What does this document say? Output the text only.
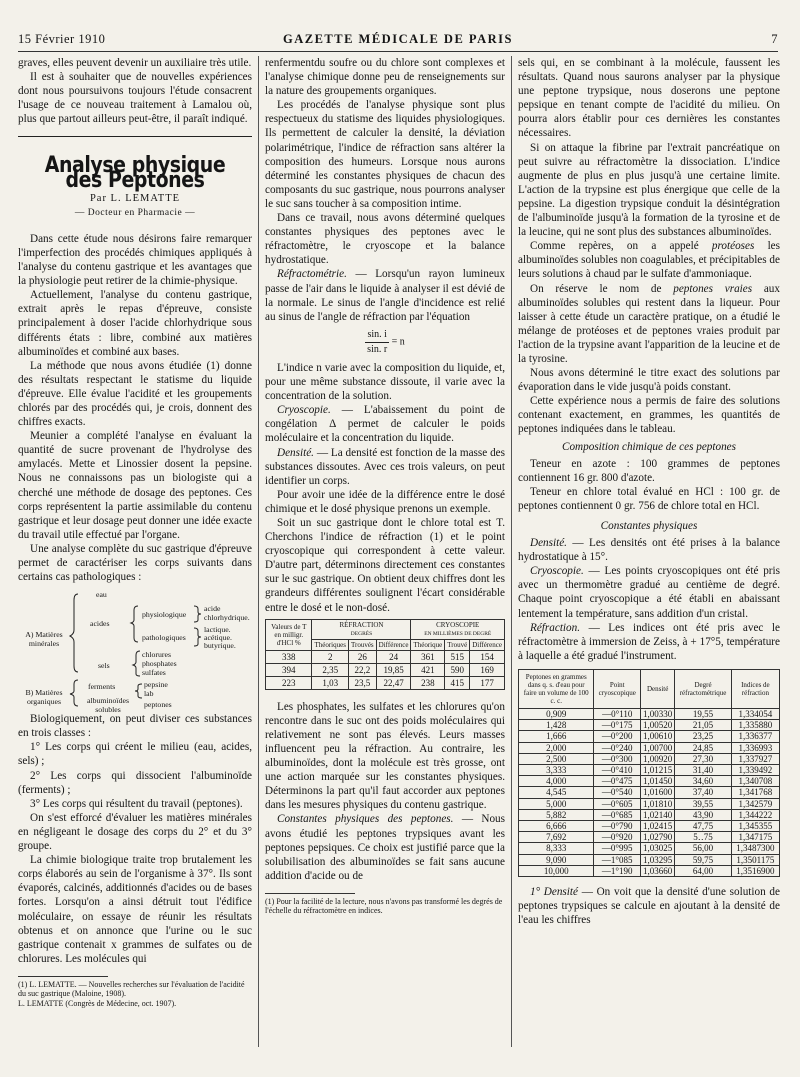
15 Février 1910	GAZETTE MÉDICALE DE PARIS	7

graves, elles peuvent devenir un auxiliaire très utile.

Il est à souhaiter que de nouvelles expériences dont nous poursuivons toujours l'étude consacrent l'usage de ce nouveau traitement à Lamalou où, plus que partout ailleurs peut-être, il paraît indiqué.

Analyse physique des Peptones
Par L. LEMATTE
— Docteur en Pharmacie —

Dans cette étude nous désirons faire remarquer l'imperfection des procédés chimiques appliqués à l'analyse du contenu gastrique et les avantages que la physiologie peut retirer de la chimie-physique.

Actuellement, l'analyse du contenu gastrique, extrait après le repas d'épreuve, consiste principalement à doser l'acide chlorhydrique sous différents états : libre, combiné aux matières albuminoïdes et combiné aux bases.

La méthode que nous avons étudiée (1) donne des résultats respectant le statisme du liquide d'épreuve. Elle évalue l'acidité et les groupements chlorés par des procédés qui, je crois, donnent des chiffres exacts.

Meunier a complété l'analyse en évaluant la quantité de sucre provenant de l'hydrolyse des amylacés. Mette et Linossier dosent la pepsine. Nous ne connaissons pas un biologiste qui a cherché une méthode de dosage des peptones. Ces corps représentent la partie assimilable du contenu gastrique et leur dosage peut donner une idée exacte du travail utile effectué par l'organe.

Une analyse complète du suc gastrique d'épreuve permet de caractériser les corps suivants dans certains cas pathologiques :

eau
acides
physiologique
acide chlorhydrique.
pathologiques
lactique.
acétique.
butyrique.
A) Matières minérales
sels
chlorures
phosphates
sulfates
B) Matières organiques
ferments	pepsine
lab
albuminoïdes solubles
peptones

Biologiquement, on peut diviser ces substances en trois classes :

1° Les corps qui créent le milieu (eau, acides, sels) ;

2° Les corps qui dissocient l'albuminoïde (ferments) ;

3° Les corps qui résultent du travail (peptones).

On s'est efforcé d'évaluer les matières minérales en négligeant le dosage des corps du 2° et du 3° groupe.

La chimie biologique traite trop brutalement les corps élaborés au sein de l'organisme à 37°. Ils sont évaporés, calcinés, additionnés d'acides ou de bases fortes. Lorsqu'on a ainsi détruit tout l'édifice moléculaire, on essaye de réunir les résultats obtenus et on annonce que l'urine ou le suc gastrique contenait x grammes de sulfates ou de chlorures. Les molécules qui

(1) L. LEMATTE. — Nouvelles recherches sur l'évaluation de l'acidité du suc gastrique (Maloine, 1908).
L. LEMATTE (Congrès de Médecine, oct. 1907).

renfermentdu soufre ou du chlore sont complexes et l'analyse chimique donne peu de renseignements sur la nature des groupements organiques.

Les procédés de l'analyse physique sont plus respectueux du statisme des liquides physiologiques. Ils permettent de calculer la densité, la déviation polarimétrique, l'indice de réfraction sans altérer la composition des humeurs. Lorsque nous aurons déterminé les constantes physiques de chacun des composants du suc gastrique, nous pourrons analyser le suc sans toucher à sa composition intime.

Dans ce travail, nous avons déterminé quelques constantes physiques des peptones avec le réfractomètre, le cryoscope et la balance hydrostatique.

Réfractométrie. — Lorsqu'un rayon lumineux passe de l'air dans le liquide à analyser il est dévié de la normale. Le sinus de l'angle d'incidence est relié au sinus de l'angle de réfraction par l'équation

$\frac{\sin. i}{\sin. r} = n$

L'indice n varie avec la composition du liquide, et, pour une même substance dissoute, il varie avec la concentration de la solution.

Cryoscopie. — L'abaissement du point de congélation Δ permet de calculer le poids moléculaire et la concentration du liquide.

Densité. — La densité est fonction de la masse des substances dissoutes. Avec ces trois valeurs, on peut identifier un corps.

Pour avoir une idée de la différence entre le dosé chimique et le dosé physique prenons un exemple.

Soit un suc gastrique dont le chlore total est T. Cherchons l'indice de réfraction (1) et le point cryoscopique qui correspondent à cette valeur. D'autre part, déterminons directement ces constantes sur le suc gastrique. On obtient deux chiffres dont les grandeurs différentes soulignent l'écart considérable entre le dosé et le non-dosé.

Valeurs de T en milligr. d'HCl %	RÉFRACTION
DEGRÉS			CRYOSCOPIE
EN MILLIÈMES DE DEGRÉ		
	Théoriques	Trouvés	Différence	Théorique	Trouvé	Différence
338	2	26	24	361	515	154
394	2,35	22,2	19,85	421	590	169
223	1,03	23,5	22,47	238	415	177

Les phosphates, les sulfates et les chlorures qu'on rencontre dans le suc ont des poids moléculaires qui relativement ne sont pas élevés. Leurs masses influencent peu la réfraction. Au contraire, les albuminoïdes, dont la molécule est très grosse, ont une action marquée sur les constantes physiques. Déterminons la part qu'il faut accorder aux peptones dans les mesures physiques du contenu gastrique.

Constantes physiques des peptones. — Nous avons étudié les peptones trypsiques avant les peptones pepsiques. Ce choix est justifié parce que la solubilisation des albuminoïdes se fait sans aucune addition d'acide ou de

(1) Pour la facilité de la lecture, nous n'avons pas transformé les degrés de l'échelle du réfractomètre en indices.

sels qui, en se combinant à la molécule, faussent les résultats. Quand nous saurons analyser par la physique une peptone trypsique, nous doserons une peptone pepsique en tenant compte de l'acidité du milieu. On pourra alors établir pour ces dernières les constantes nécessaires.

Si on attaque la fibrine par l'extrait pancréatique on peut suivre au réfractomètre la dissociation. L'indice augmente de plus en plus jusqu'à une certaine limite. L'action de la trypsine est plus énergique que celle de la pepsine. La digestion trypsique conduit la désintégration de l'albuminoïde jusqu'à la formation de la tyrosine et de la leucine, qui ne sont plus des substances albuminoïdes.

Comme repères, on a appelé protéoses les albuminoïdes solubles non coagulables, et précipitables de leurs solutions à chaud par le sulfate d'ammoniaque.

On réserve le nom de peptones vraies aux albuminoïdes solubles qui restent dans la liqueur. Pour laisser à cette étude un caractère pratique, on a étudié le mélange de protéoses et de peptones vraies produit par l'action de la trypsine avant l'apparition de la leucine et de la tyrosine.

Nous avons déterminé le titre exact des solutions par évaporation dans le vide jusqu'à poids constant.

Cette expérience nous a permis de faire des solutions contenant exactement, en grammes, les quantités de peptones indiquées dans le tableau.

Composition chimique de ces peptones

Teneur en azote : 100 grammes de peptones contiennent 16 gr. 800 d'azote.

Teneur en chlore total évalué en HCl : 100 gr. de peptones contiennent 0 gr. 756 de chlore total en HCl.

Constantes physiques

Densité. — Les densités ont été prises à la balance hydrostatique à 15°.

Cryoscopie. — Les points cryoscopiques ont été pris avec un thermomètre gradué au centième de degré. Chaque point cryoscopique a été établi en abaissant lentement la température, sans addition d'un cristal.

Réfraction. — Les indices ont été pris avec le réfractomètre à immersion de Zeiss, à + 17°5, température à laquelle a été gradué l'instrument.

Peptones en grammes dans q. s. d'eau pour faire un volume de 100 c. c.	Point cryoscopique	Densité	Degré réfractométrique	Indices de réfraction
0,909	—0°110	1,00330	19,55	1,334054
1,428	—0°175	1,00520	21,05	1,335880
1,666	—0°200	1,00610	23,25	1,336377
2,000	—0°240	1,00700	24,85	1,336993
2,500	—0°300	1,00920	27,30	1,337927
3,333	—0°410	1,01215	31,40	1,339492
4,000	—0°475	1,01450	34,60	1,340708
4,545	—0°540	1,01600	37,40	1,341768
5,000	—0°605	1,01810	39,55	1,342579
5,882	—0°685	1,02140	43,90	1,344222
6,666	—0°790	1,02415	47,75	1,345355
7,692	—0°920	1,02790	5‥75	1,347175
8,333	—0°995	1,03025	56,00	1,3487300
9,090	—1°085	1,03295	59,75	1,3501175
10,000	—1°190	1,03660	64,00	1,3516900

1° Densité — On voit que la densité d'une solution de peptones trypsiques se calcule en ajoutant à la densité de l'eau les chiffres
